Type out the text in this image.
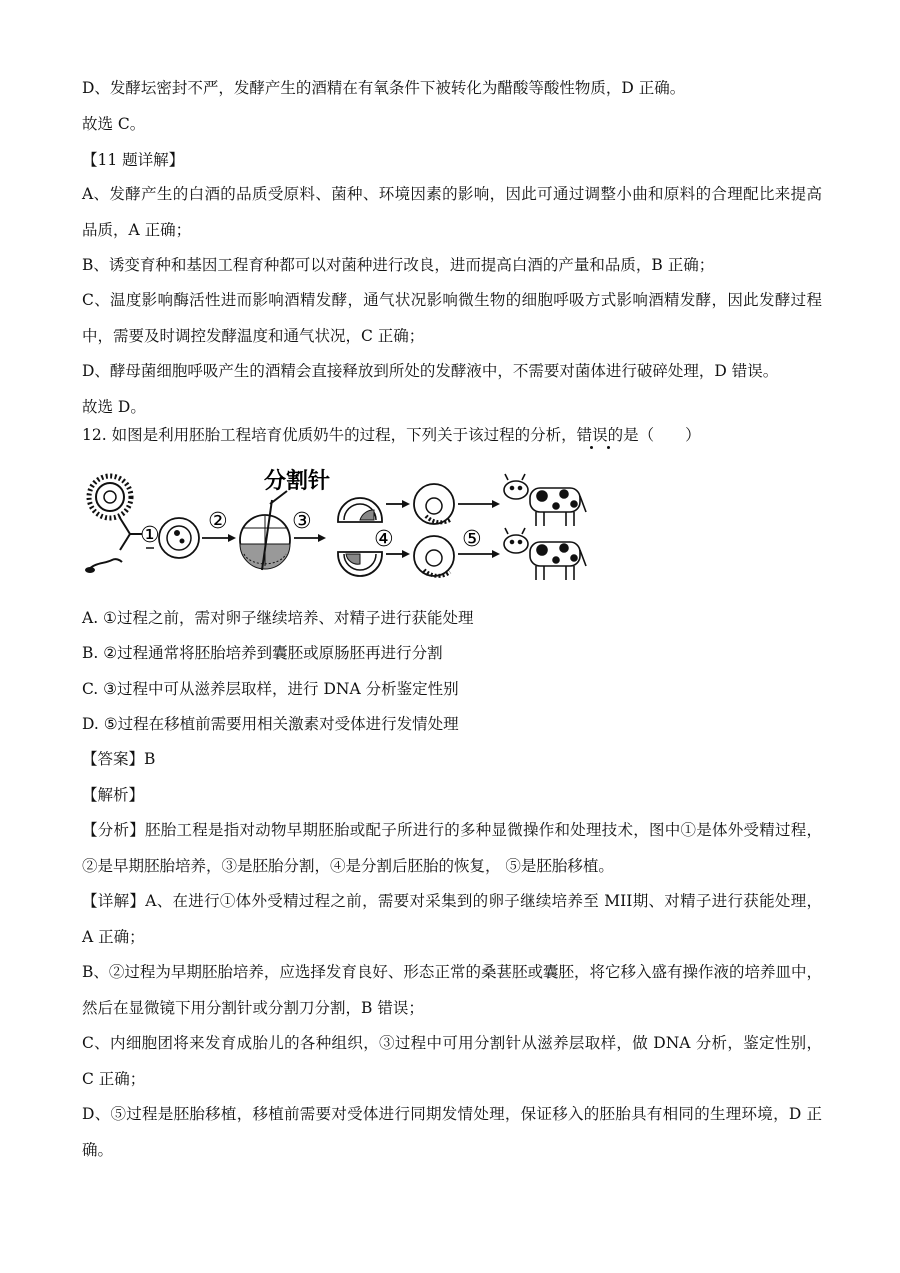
D、发酵坛密封不严，发酵产生的酒精在有氧条件下被转化为醋酸等酸性物质，D 正确。
故选 C。
【11 题详解】
A、发酵产生的白酒的品质受原料、菌种、环境因素的影响，因此可通过调整小曲和原料的合理配比来提高
品质，A 正确；
B、诱变育种和基因工程育种都可以对菌种进行改良，进而提高白酒的产量和品质，B 正确；
C、温度影响酶活性进而影响酒精发酵，通气状况影响微生物的细胞呼吸方式影响酒精发酵，因此发酵过程
中，需要及时调控发酵温度和通气状况，C 正确；
D、酵母菌细胞呼吸产生的酒精会直接释放到所处的发酵液中，不需要对菌体进行破碎处理，D 错误。
故选 D。
12. 如图是利用胚胎工程培育优质奶牛的过程，下列关于该过程的分析，错误的是（　　）
①
②
分割针
③
④	⑤
A. ①过程之前，需对卵子继续培养、对精子进行获能处理
B. ②过程通常将胚胎培养到囊胚或原肠胚再进行分割
C. ③过程中可从滋养层取样，进行 DNA 分析鉴定性别
D. ⑤过程在移植前需要用相关激素对受体进行发情处理
【答案】B
【解析】
【分析】胚胎工程是指对动物早期胚胎或配子所进行的多种显微操作和处理技术，图中①是体外受精过程，
②是早期胚胎培养，③是胚胎分割，④是分割后胚胎的恢复， ⑤是胚胎移植。
【详解】A、在进行①体外受精过程之前，需要对采集到的卵子继续培养至 MII期、对精子进行获能处理，
A 正确；
B、②过程为早期胚胎培养，应选择发育良好、形态正常的桑葚胚或囊胚，将它移入盛有操作液的培养皿中，
然后在显微镜下用分割针或分割刀分割，B 错误；
C、内细胞团将来发育成胎儿的各种组织，③过程中可用分割针从滋养层取样，做 DNA 分析，鉴定性别，
C 正确；
D、⑤过程是胚胎移植，移植前需要对受体进行同期发情处理，保证移入的胚胎具有相同的生理环境，D 正
确。
